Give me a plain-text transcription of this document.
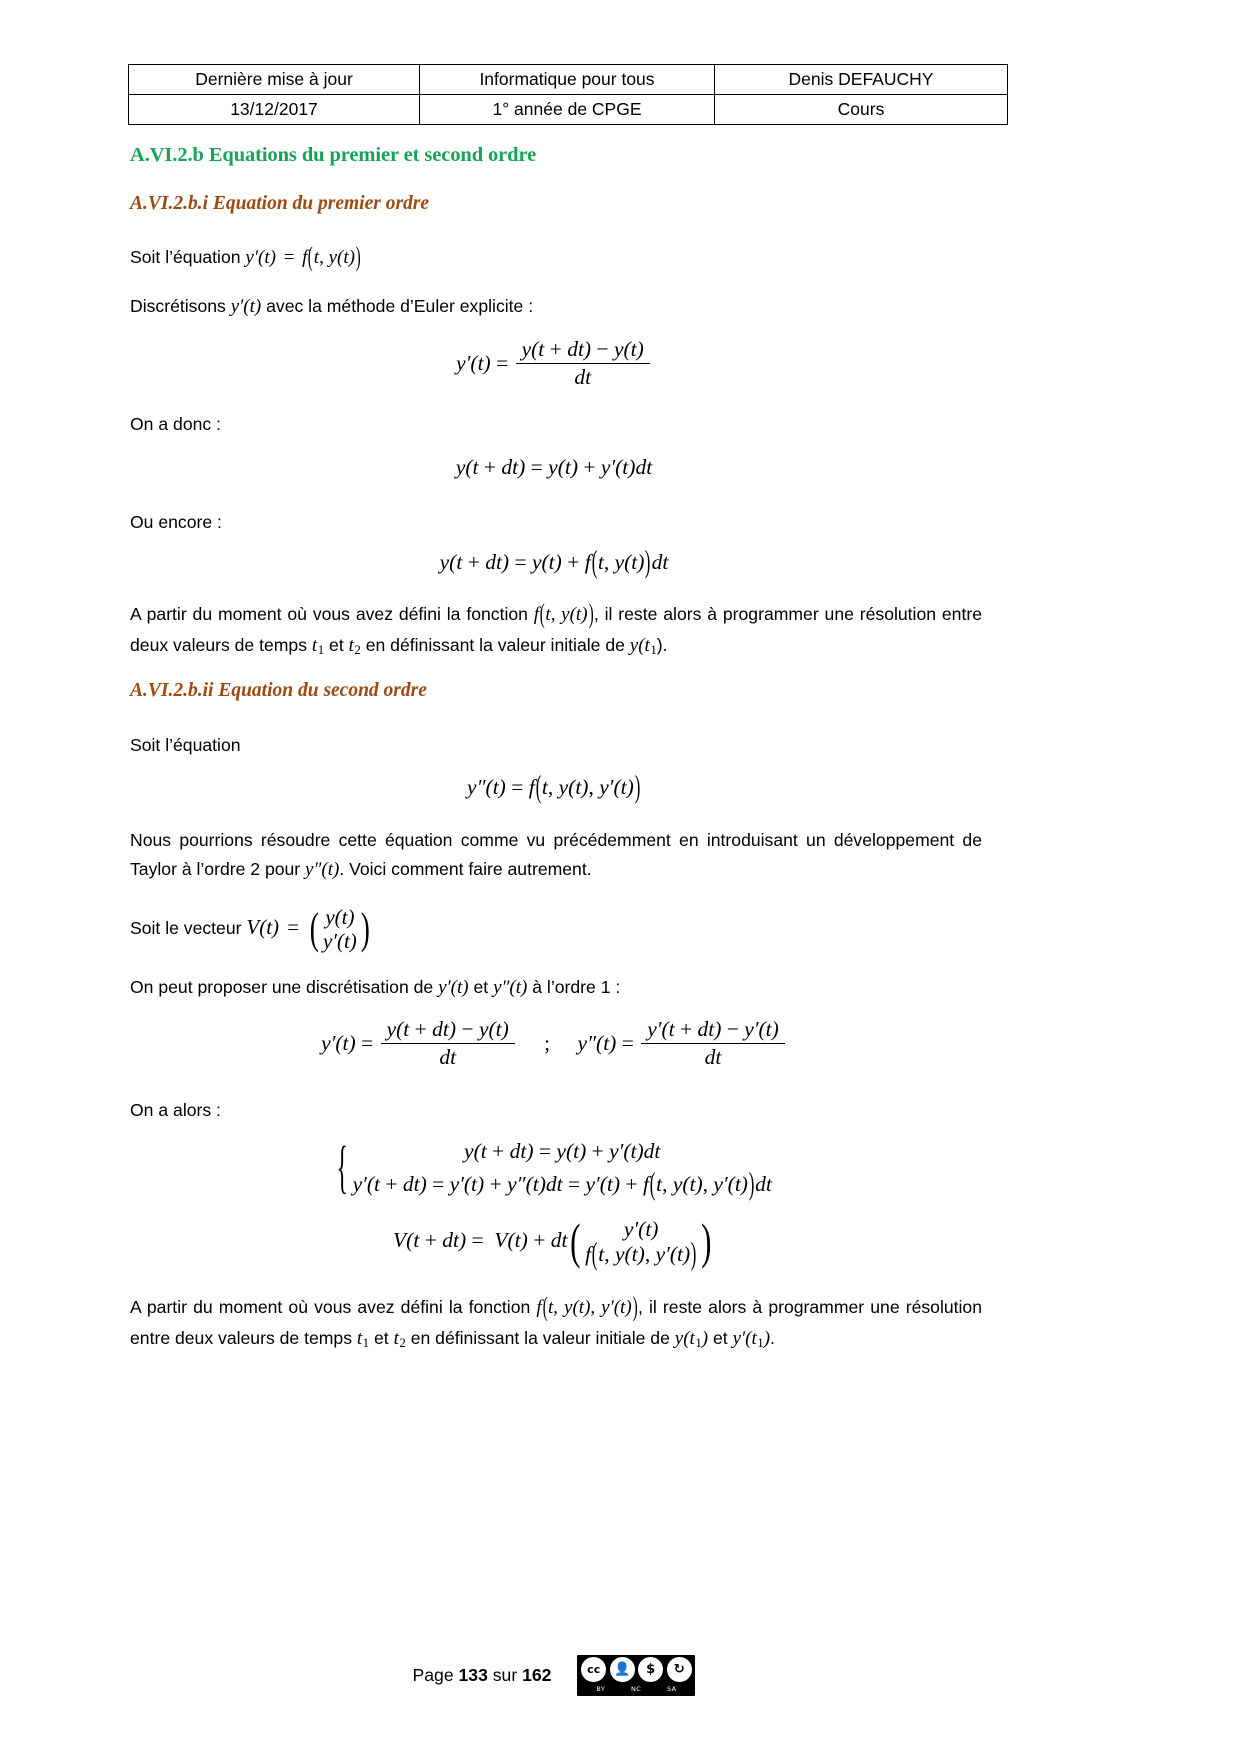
Dernière mise à jour	Informatique pour tous	Denis DEFAUCHY
13/12/2017	1° année de CPGE	Cours
A.VI.2.b Equations du premier et second ordre
A.VI.2.b.i Equation du premier ordre

Soit l’équation y′(t) = f(t, y(t))

Discrétisons y′(t) avec la méthode d’Euler explicite :

$y'(t) = \frac{y(t + dt) - y(t)}{dt}$

On a donc :

y(t + dt) = y(t) + y′(t)dt

Ou encore :

y(t + dt) = y(t) + f(t, y(t))dt

A partir du moment où vous avez défini la fonction f(t, y(t)), il reste alors à programmer une résolution entre deux valeurs de temps $t_1$ et $t_2$ en définissant la valeur initiale de $y(t_1)$.

A.VI.2.b.ii Equation du second ordre

Soit l’équation

y″(t) = f(t, y(t), y′(t))

Nous pourrions résoudre cette équation comme vu précédemment en introduisant un développement de Taylor à l’ordre 2 pour y″(t). Voici comment faire autrement.

Soit le vecteur V(t) = ( y(t)
y′(t) )

On peut proposer une discrétisation de y′(t) et y″(t) à l’ordre 1 :

$y'(t) = \frac{y(t + dt) - y(t)}{dt}$ ; $y''(t) = \frac{y'(t + dt) - y'(t)}{dt}$

On a alors :

{	y(t + dt) = y(t) + y′(t)dt
y′(t + dt) = y′(t) + y″(t)dt = y′(t) + f(t, y(t), y′(t))dt
V(t + dt) =  V(t) + dt ( y′(t)
f(t, y(t), y′(t)) )

A partir du moment où vous avez défini la fonction f(t, y(t), y′(t)), il reste alors à programmer une résolution entre deux valeurs de temps $t_1$ et $t_2$ en définissant la valeur initiale de $y(t_1)$ et $y'(t_1)$.

Page 133 sur 162	cc	👤	$	↻
BY	NC	SA
